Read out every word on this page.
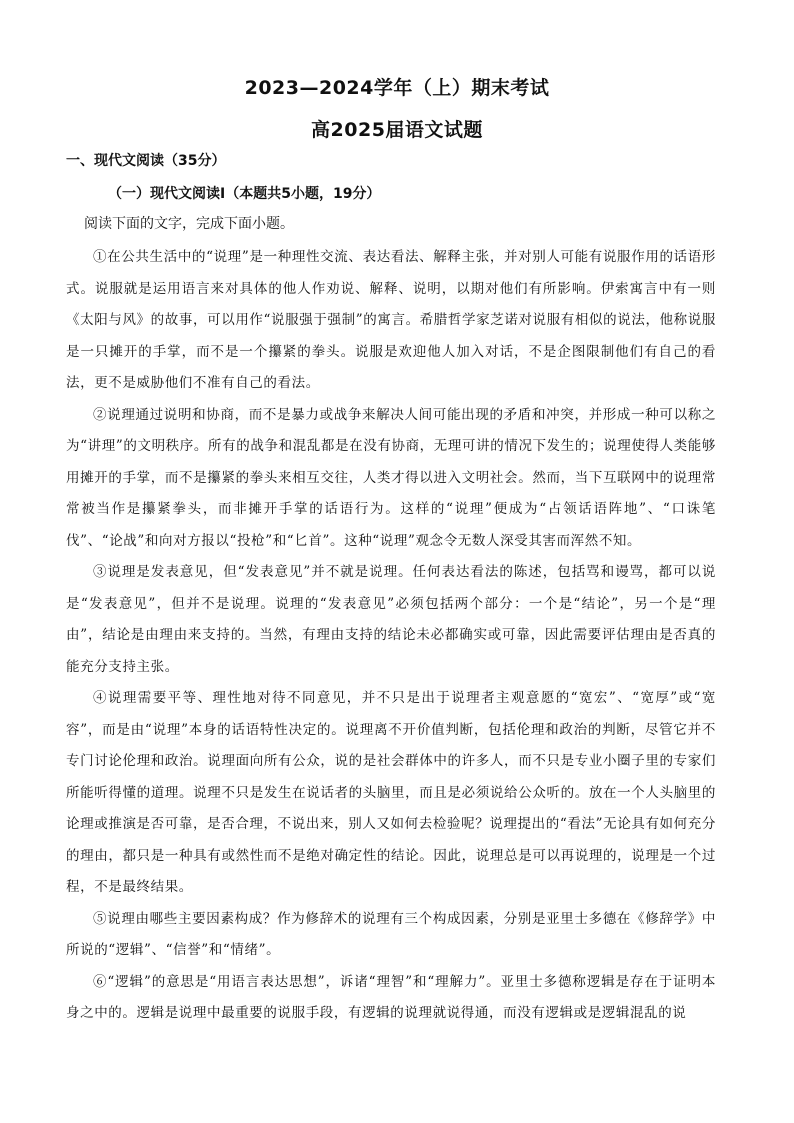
2023—2024学年（上）期末考试
高2025届语文试题
一、现代文阅读（35分）
（一）现代文阅读Ⅰ（本题共5小题，19分）

阅读下面的文字，完成下面小题。

①在公共生活中的“说理”是一种理性交流、表达看法、解释主张，并对别人可能有说服作用的话语形式。说服就是运用语言来对具体的他人作劝说、解释、说明，以期对他们有所影响。伊索寓言中有一则《太阳与风》的故事，可以用作“说服强于强制”的寓言。希腊哲学家芝诺对说服有相似的说法，他称说服是一只摊开的手掌，而不是一个攥紧的拳头。说服是欢迎他人加入对话，不是企图限制他们有自己的看法，更不是威胁他们不准有自己的看法。

②说理通过说明和协商，而不是暴力或战争来解决人间可能出现的矛盾和冲突，并形成一种可以称之为“讲理”的文明秩序。所有的战争和混乱都是在没有协商，无理可讲的情况下发生的；说理使得人类能够用摊开的手掌，而不是攥紧的拳头来相互交往，人类才得以进入文明社会。然而，当下互联网中的说理常常被当作是攥紧拳头，而非摊开手掌的话语行为。这样的“说理”便成为“占领话语阵地”、“口诛笔伐”、“论战”和向对方报以“投枪”和“匕首”。这种“说理”观念令无数人深受其害而浑然不知。

③说理是发表意见，但“发表意见”并不就是说理。任何表达看法的陈述，包括骂和谩骂，都可以说是“发表意见”，但并不是说理。说理的“发表意见”必须包括两个部分：一个是“结论”，另一个是“理由”，结论是由理由来支持的。当然，有理由支持的结论未必都确实或可靠，因此需要评估理由是否真的能充分支持主张。

④说理需要平等、理性地对待不同意见，并不只是出于说理者主观意愿的“宽宏”、“宽厚”或“宽容”，而是由“说理”本身的话语特性决定的。说理离不开价值判断，包括伦理和政治的判断，尽管它并不专门讨论伦理和政治。说理面向所有公众，说的是社会群体中的许多人，而不只是专业小圈子里的专家们所能听得懂的道理。说理不只是发生在说话者的头脑里，而且是必须说给公众听的。放在一个人头脑里的论理或推演是否可靠，是否合理，不说出来，别人又如何去检验呢？说理提出的“看法”无论具有如何充分的理由，都只是一种具有或然性而不是绝对确定性的结论。因此，说理总是可以再说理的，说理是一个过程，不是最终结果。

⑤说理由哪些主要因素构成？作为修辞术的说理有三个构成因素，分别是亚里士多德在《修辞学》中所说的“逻辑”、“信誉”和“情绪”。

⑥“逻辑”的意思是“用语言表达思想”，诉诸“理智”和“理解力”。亚里士多德称逻辑是存在于证明本身之中的。逻辑是说理中最重要的说服手段，有逻辑的说理就说得通，而没有逻辑或是逻辑混乱的说
